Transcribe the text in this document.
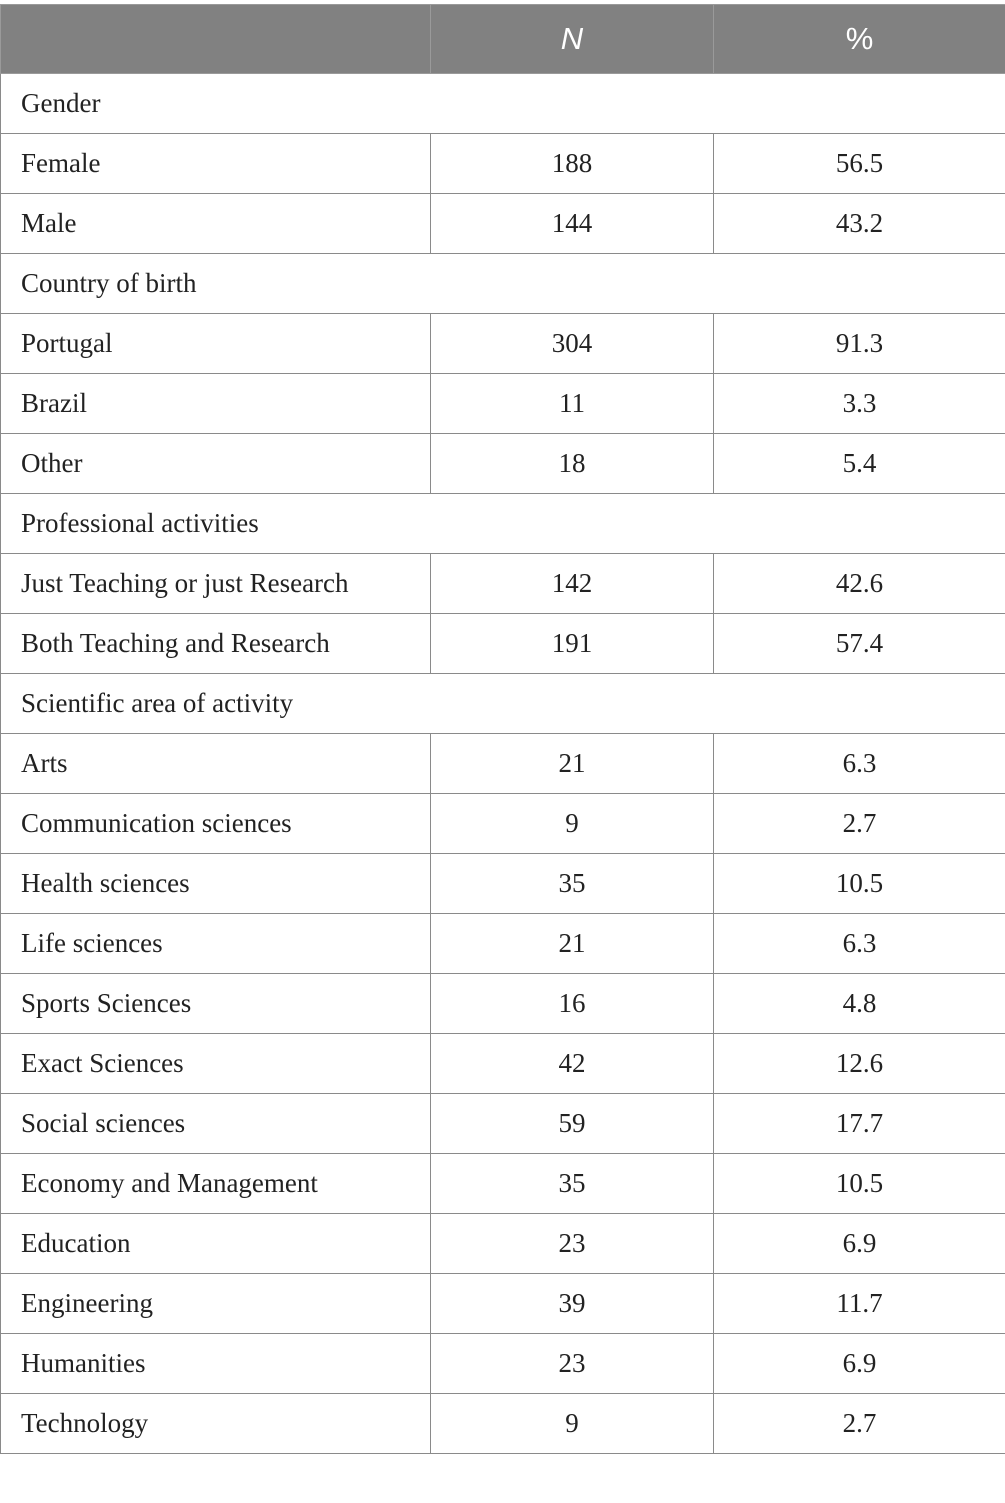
	N	%
Gender		
Female	188	56.5
Male	144	43.2
Country of birth		
Portugal	304	91.3
Brazil	11	3.3
Other	18	5.4
Professional activities		
Just Teaching or just Research	142	42.6
Both Teaching and Research	191	57.4
Scientific area of activity		
Arts	21	6.3
Communication sciences	9	2.7
Health sciences	35	10.5
Life sciences	21	6.3
Sports Sciences	16	4.8
Exact Sciences	42	12.6
Social sciences	59	17.7
Economy and Management	35	10.5
Education	23	6.9
Engineering	39	11.7
Humanities	23	6.9
Technology	9	2.7
